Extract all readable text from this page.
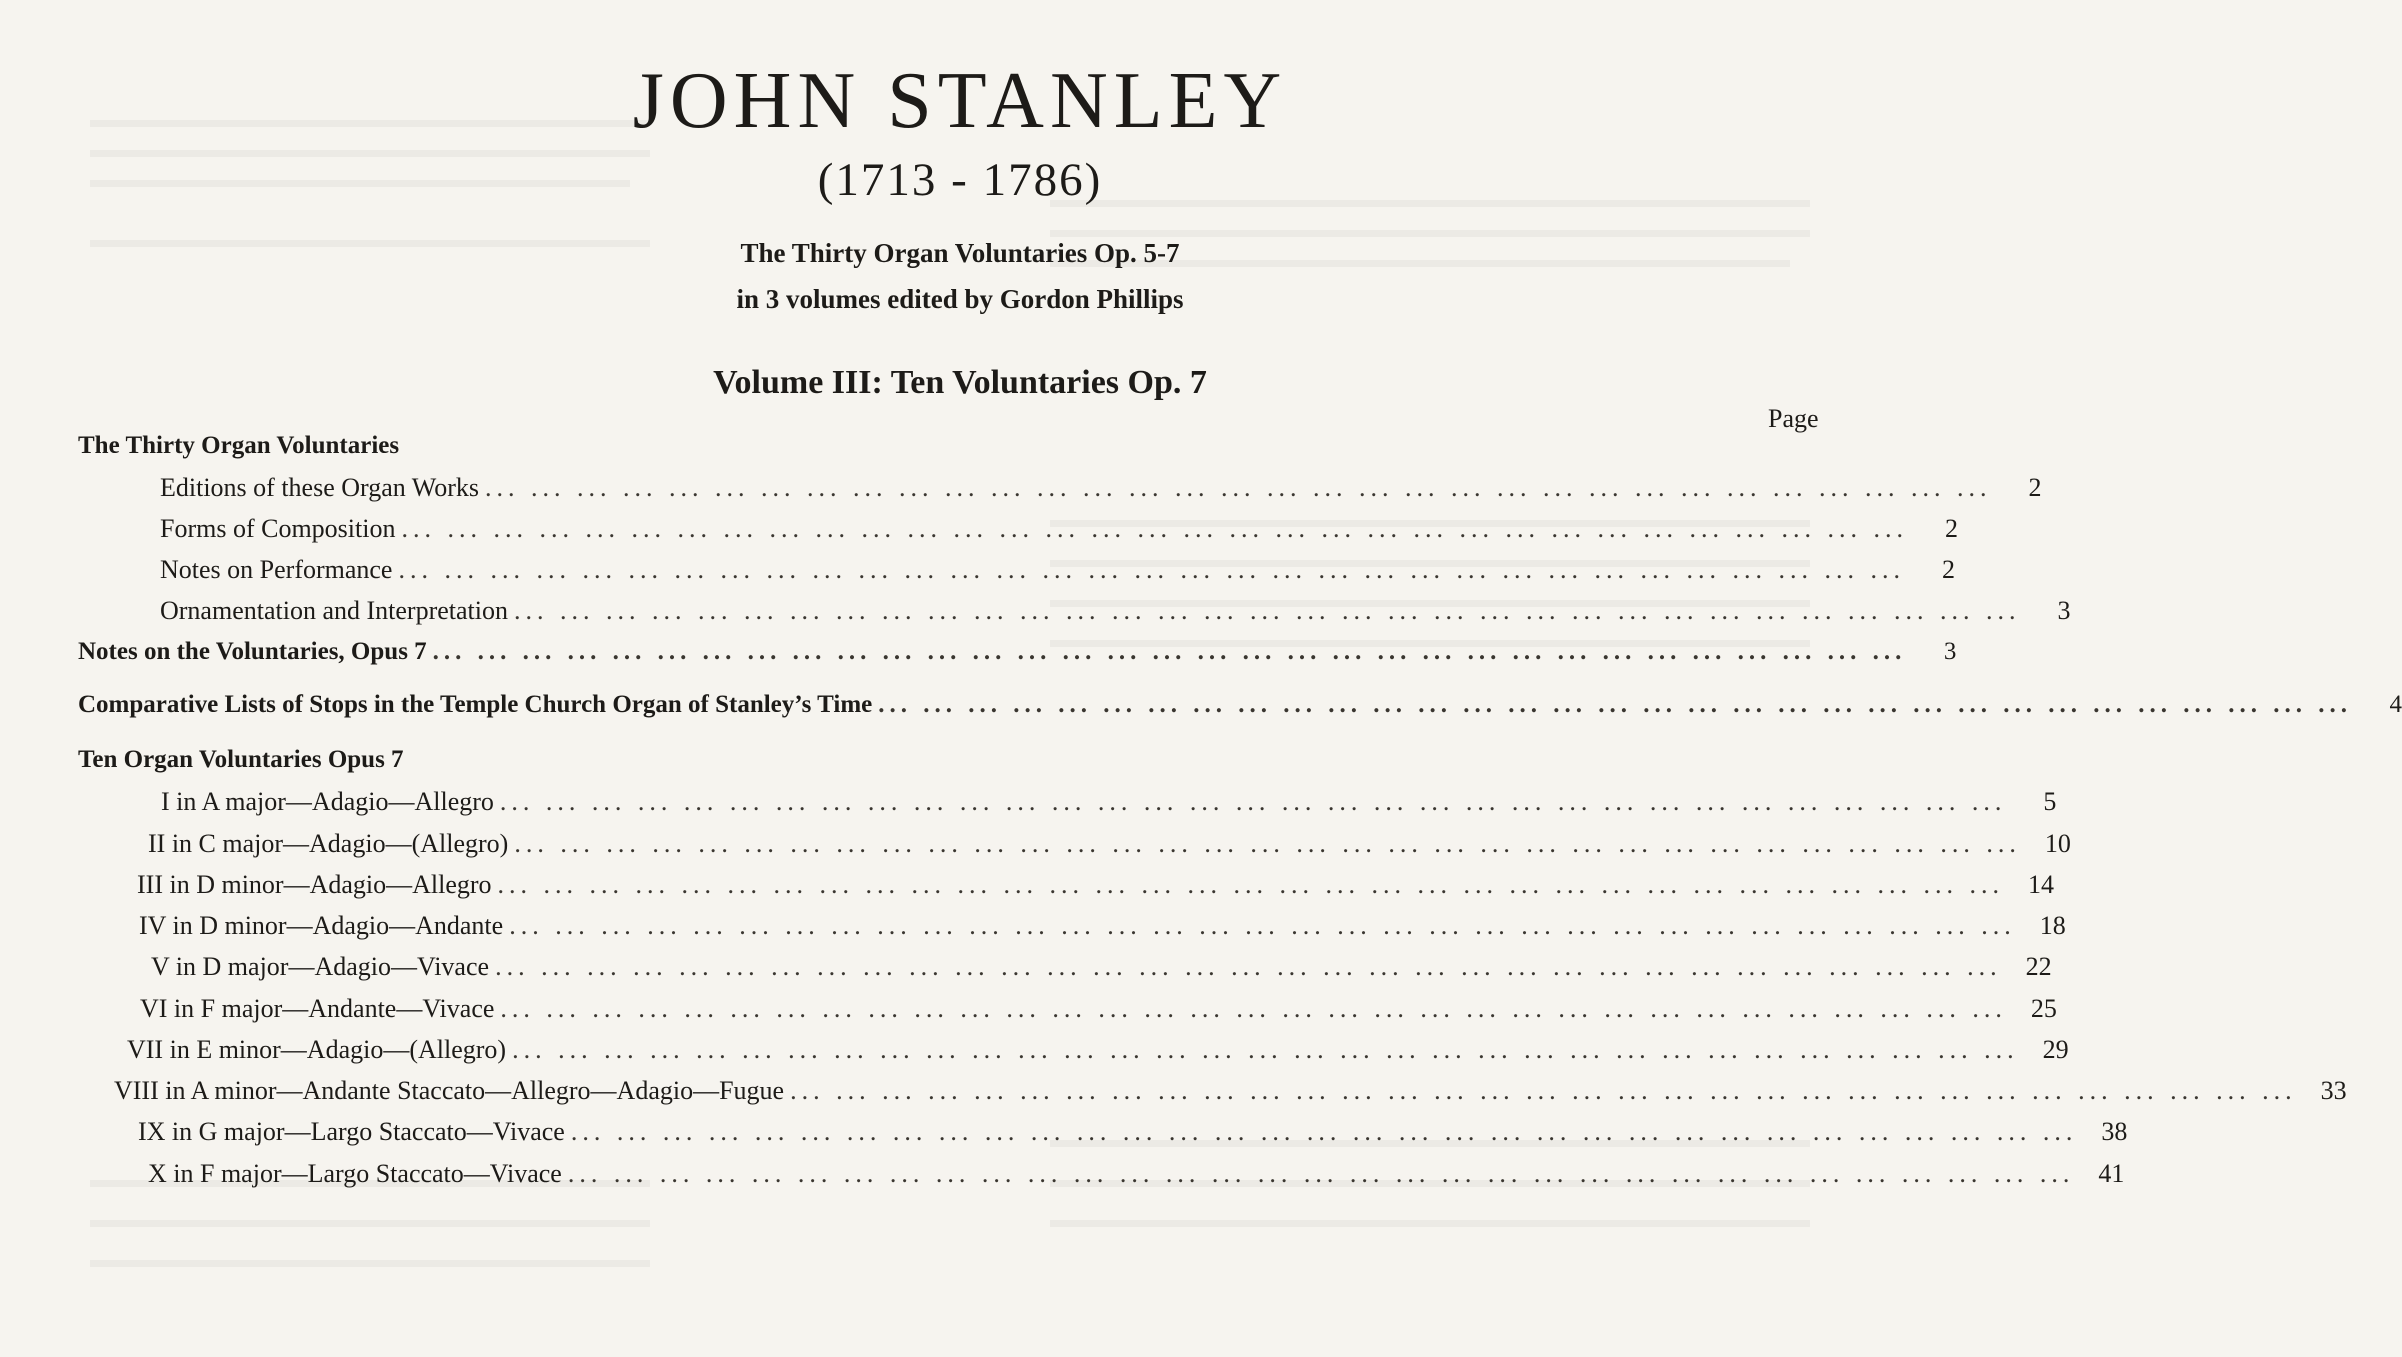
JOHN STANLEY
(1713 - 1786)
The Thirty Organ Voluntaries Op. 5-7
in 3 volumes edited by Gordon Phillips
Volume III: Ten Voluntaries Op. 7
Page
The Thirty Organ Voluntaries
Editions of these Organ Works ... ... ... ... ... ... ... ... ... ... ... ... ... ... ... ... ... ... ... ... ... ... ... ... ... ... ... ... ... ... ... ... ...	2
Forms of Composition ... ... ... ... ... ... ... ... ... ... ... ... ... ... ... ... ... ... ... ... ... ... ... ... ... ... ... ... ... ... ... ... ...	2
Notes on Performance ... ... ... ... ... ... ... ... ... ... ... ... ... ... ... ... ... ... ... ... ... ... ... ... ... ... ... ... ... ... ... ... ...	2
Ornamentation and Interpretation ... ... ... ... ... ... ... ... ... ... ... ... ... ... ... ... ... ... ... ... ... ... ... ... ... ... ... ... ... ... ... ... ...	3
Notes on the Voluntaries, Opus 7 ... ... ... ... ... ... ... ... ... ... ... ... ... ... ... ... ... ... ... ... ... ... ... ... ... ... ... ... ... ... ... ... ...	3
Comparative Lists of Stops in the Temple Church Organ of Stanley’s Time ... ... ... ... ... ... ... ... ... ... ... ... ... ... ... ... ... ... ... ... ... ... ... ... ... ... ... ... ... ... ... ... ...	4
Ten Organ Voluntaries Opus 7
I in A major—Adagio—Allegro ... ... ... ... ... ... ... ... ... ... ... ... ... ... ... ... ... ... ... ... ... ... ... ... ... ... ... ... ... ... ... ... ...	5
II in C major—Adagio—(Allegro) ... ... ... ... ... ... ... ... ... ... ... ... ... ... ... ... ... ... ... ... ... ... ... ... ... ... ... ... ... ... ... ... ... 10
III in D minor—Adagio—Allegro ... ... ... ... ... ... ... ... ... ... ... ... ... ... ... ... ... ... ... ... ... ... ... ... ... ... ... ... ... ... ... ... ... 14
IV in D minor—Adagio—Andante ... ... ... ... ... ... ... ... ... ... ... ... ... ... ... ... ... ... ... ... ... ... ... ... ... ... ... ... ... ... ... ... ... 18
V in D major—Adagio—Vivace ... ... ... ... ... ... ... ... ... ... ... ... ... ... ... ... ... ... ... ... ... ... ... ... ... ... ... ... ... ... ... ... ... 22
VI in F major—Andante—Vivace ... ... ... ... ... ... ... ... ... ... ... ... ... ... ... ... ... ... ... ... ... ... ... ... ... ... ... ... ... ... ... ... ... 25
VII in E minor—Adagio—(Allegro) ... ... ... ... ... ... ... ... ... ... ... ... ... ... ... ... ... ... ... ... ... ... ... ... ... ... ... ... ... ... ... ... ... 29
VIII in A minor—Andante Staccato—Allegro—Adagio—Fugue ... ... ... ... ... ... ... ... ... ... ... ... ... ... ... ... ... ... ... ... ... ... ... ... ... ... ... ... ... ... ... ... ... 33
IX in G major—Largo Staccato—Vivace ... ... ... ... ... ... ... ... ... ... ... ... ... ... ... ... ... ... ... ... ... ... ... ... ... ... ... ... ... ... ... ... ... 38
X in F major—Largo Staccato—Vivace ... ... ... ... ... ... ... ... ... ... ... ... ... ... ... ... ... ... ... ... ... ... ... ... ... ... ... ... ... ... ... ... ... 41
